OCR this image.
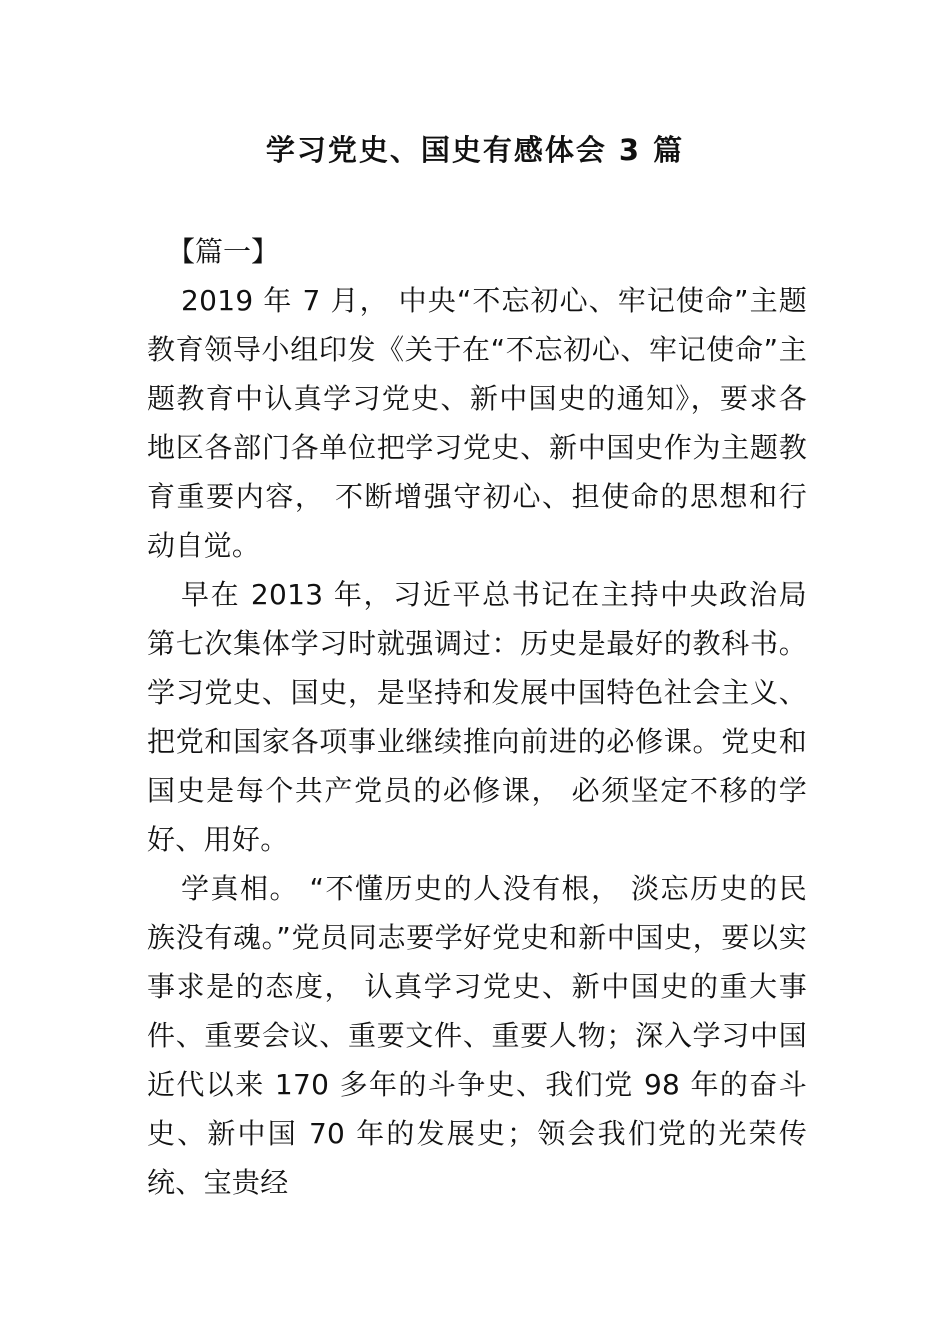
学习党史、国史有感体会 3 篇

【篇一】

2019 年 7 月， 中央“不忘初心、牢记使命”主题教育领导小组印发《关于在“不忘初心、牢记使命”主题教育中认真学习党史、新中国史的通知》，要求各地区各部门各单位把学习党史、新中国史作为主题教育重要内容， 不断增强守初心、担使命的思想和行动自觉。

早在 2013 年，习近平总书记在主持中央政治局第七次集体学习时就强调过：历史是最好的教科书。 学习党史、国史，是坚持和发展中国特色社会主义、把党和国家各项事业继续推向前进的必修课。党史和国史是每个共产党员的必修课， 必须坚定不移的学好、用好。

学真相。 “不懂历史的人没有根， 淡忘历史的民族没有魂。”党员同志要学好党史和新中国史，要以实事求是的态度， 认真学习党史、新中国史的重大事件、重要会议、重要文件、重要人物；深入学习中国近代以来 170 多年的斗争史、我们党 98 年的奋斗史、新中国 70 年的发展史；领会我们党的光荣传统、宝贵经
